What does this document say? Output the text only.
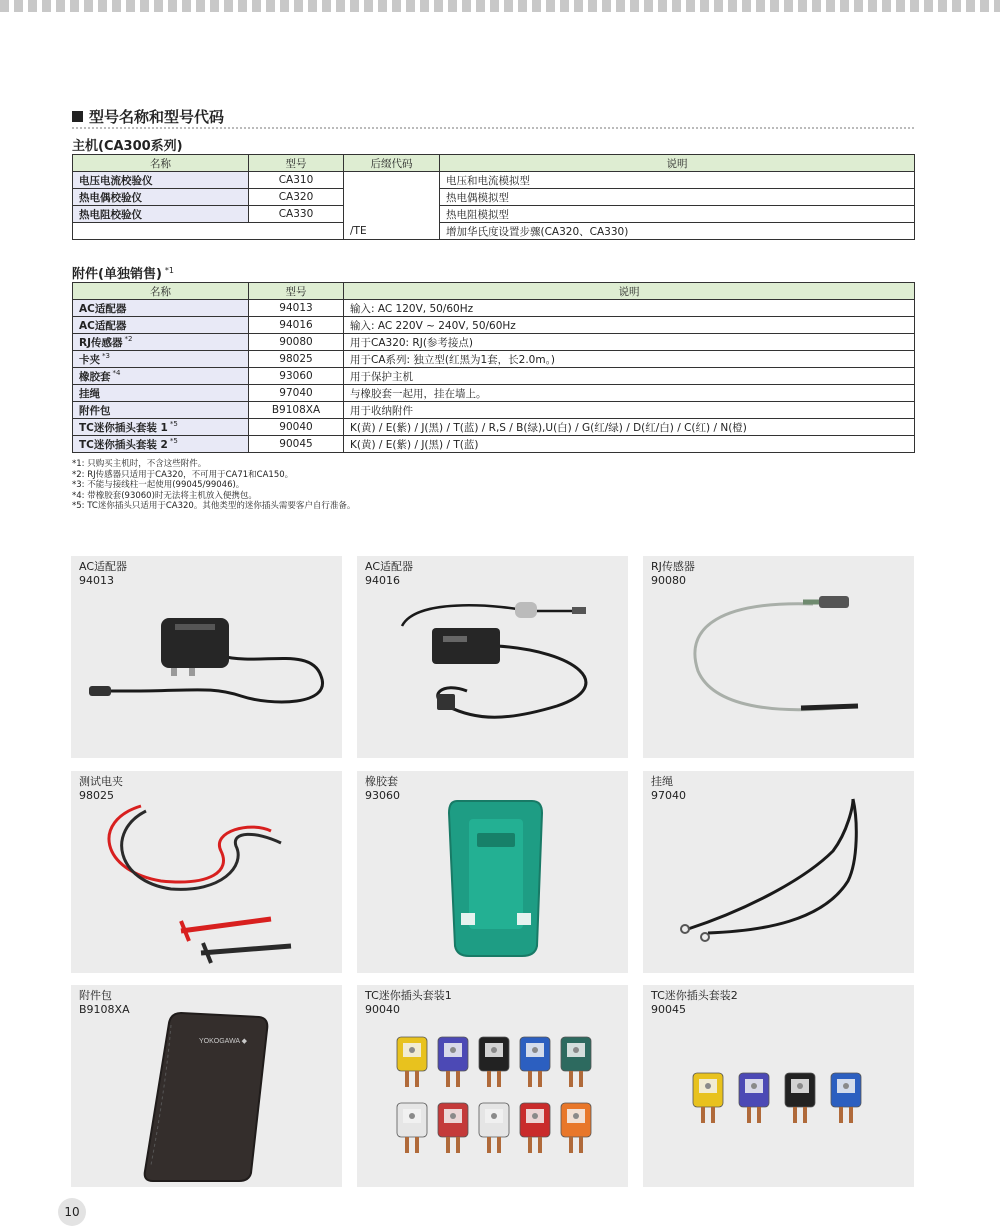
型号名称和型号代码
主机(CA300系列)
名称	型号	后缀代码	说明
电压电流校验仪	CA310		电压和电流模拟型
热电偶校验仪	CA320		热电偶模拟型
热电阻校验仪	CA330		热电阻模拟型
		/TE	增加华氏度设置步骤(CA320、CA330)
附件(单独销售) $^{*1}$
名称	型号	说明
AC适配器	94013	输入: AC 120V, 50/60Hz
AC适配器	94016	输入: AC 220V ~ 240V, 50/60Hz
RJ传感器 $^{*2}$	90080	用于CA320: RJ(参考接点)
卡夹 $^{*3}$	98025	用于CA系列: 独立型(红黑为1套，长2.0m。)
橡胶套 $^{*4}$	93060	用于保护主机
挂绳	97040	与橡胶套一起用，挂在墙上。
附件包	B9108XA	用于收纳附件
TC迷你插头套装 1 $^{*5}$	90040	K(黄) / E(紫) / J(黑) / T(蓝) / R,S / B(绿),U(白) / G(红/绿) / D(红/白) / C(红) / N(橙)
TC迷你插头套装 2 $^{*5}$	90045	K(黄) / E(紫) / J(黑) / T(蓝)
*1: 只购买主机时，不含这些附件。
*2: RJ传感器只适用于CA320，不可用于CA71和CA150。
*3: 不能与接线柱一起使用(99045/99046)。
*4: 带橡胶套(93060)时无法将主机放入便携包。
*5: TC迷你插头只适用于CA320。其他类型的迷你插头需要客户自行准备。
AC适配器
94013
AC适配器
94016
RJ传感器
90080
测试电夹
98025
橡胶套
93060
挂绳
97040
YOKOGAWA ◆
附件包
B9108XA
TC迷你插头套装1
90040
TC迷你插头套装2
90045
10
